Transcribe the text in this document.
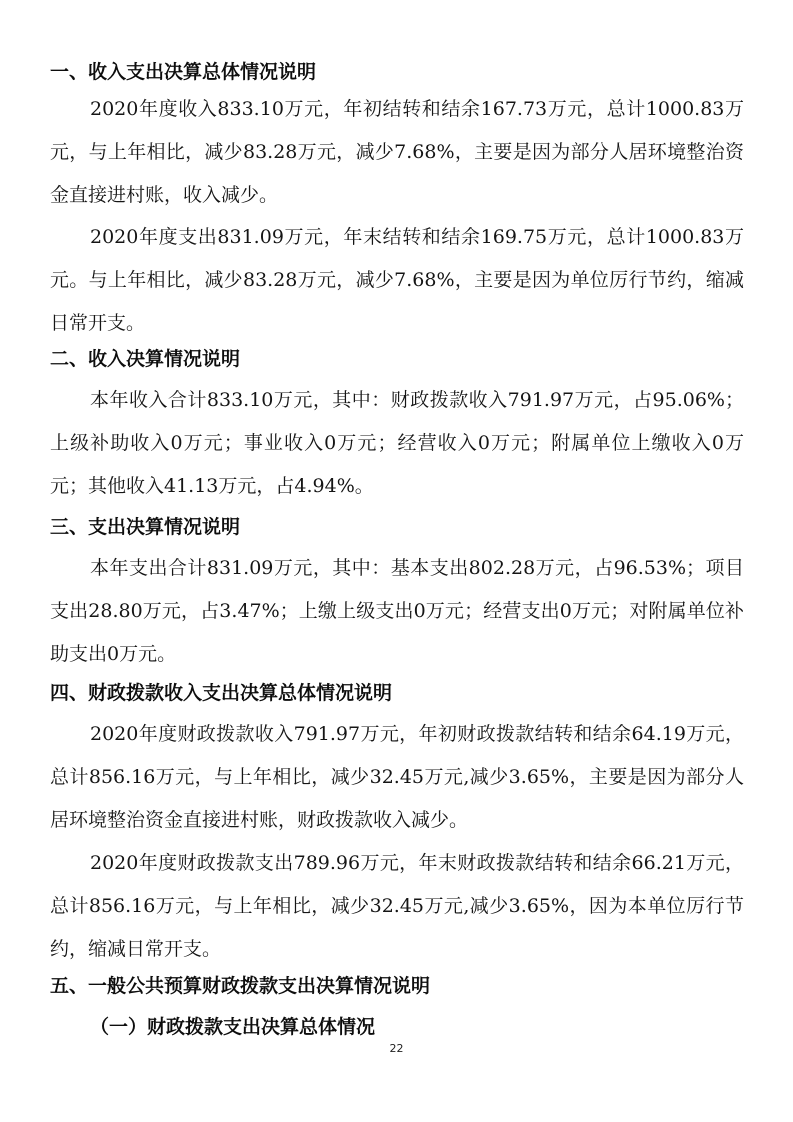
一、收入支出决算总体情况说明
2020年度收入833.10万元，年初结转和结余167.73万元，总计1000.83万元，与上年相比，减少83.28万元，减少7.68%，主要是因为部分人居环境整治资金直接进村账，收入减少。
2020年度支出831.09万元，年末结转和结余169.75万元，总计1000.83万元。与上年相比，减少83.28万元，减少7.68%，主要是因为单位厉行节约，缩减日常开支。
二、收入决算情况说明
本年收入合计833.10万元，其中：财政拨款收入791.97万元，占95.06%；上级补助收入0万元；事业收入0万元；经营收入0万元；附属单位上缴收入0万元；其他收入41.13万元，占4.94%。
三、支出决算情况说明
本年支出合计831.09万元，其中：基本支出802.28万元，占96.53%；项目支出28.80万元，占3.47%；上缴上级支出0万元；经营支出0万元；对附属单位补助支出0万元。
四、财政拨款收入支出决算总体情况说明
2020年度财政拨款收入791.97万元，年初财政拨款结转和结余64.19万元，总计856.16万元，与上年相比，减少32.45万元,减少3.65%，主要是因为部分人居环境整治资金直接进村账，财政拨款收入减少。
2020年度财政拨款支出789.96万元，年末财政拨款结转和结余66.21万元，总计856.16万元，与上年相比，减少32.45万元,减少3.65%，因为本单位厉行节约，缩减日常开支。
五、一般公共预算财政拨款支出决算情况说明
（一）财政拨款支出决算总体情况
22
